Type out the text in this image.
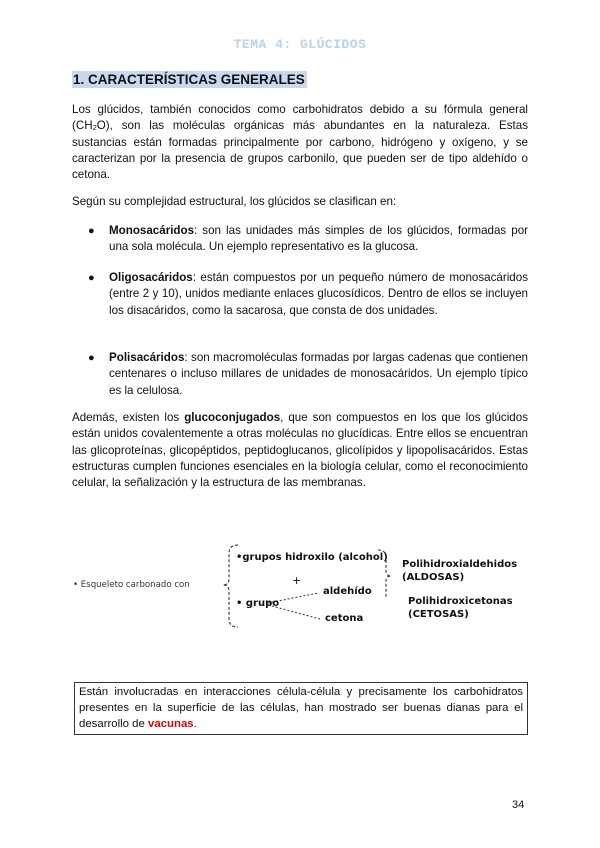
TEMA 4: GLÚCIDOS
1. CARACTERÍSTICAS GENERALES

Los glúcidos, también conocidos como carbohidratos debido a su fórmula general $(CH_2O)$, son las moléculas orgánicas más abundantes en la naturaleza. Estas sustancias están formadas principalmente por carbono, hidrógeno y oxígeno, y se caracterizan por la presencia de grupos carbonilo, que pueden ser de tipo aldehído o cetona.

Según su complejidad estructural, los glúcidos se clasifican en:

● Monosacáridos: son las unidades más simples de los glúcidos, formadas por una sola molécula. Un ejemplo representativo es la glucosa.
● Oligosacáridos: están compuestos por un pequeño número de monosacáridos (entre 2 y 10), unidos mediante enlaces glucosídicos. Dentro de ellos se incluyen los disacáridos, como la sacarosa, que consta de dos unidades.
● Polisacáridos: son macromoléculas formadas por largas cadenas que contienen centenares o incluso millares de unidades de monosacáridos. Un ejemplo típico es la celulosa.

Además, existen los glucoconjugados, que son compuestos en los que los glúcidos están unidos covalentemente a otras moléculas no glucídicas. Entre ellos se encuentran las glicoproteínas, glicopéptidos, peptidoglucanos, glicolípidos y lipopolisacáridos. Estas estructuras cumplen funciones esenciales en la biología celular, como el reconocimiento celular, la señalización y la estructura de las membranas.

• Esqueleto carbonado con
•grupos hidroxilo (alcohol)
+
• grupo
aldehído
cetona
Polihidroxialdehidos
(ALDOSAS)
Polihidroxicetonas
(CETOSAS)
Están involucradas en interacciones célula-célula y precisamente los carbohidratos presentes en la superficie de las células, han mostrado ser buenas dianas para el desarrollo de vacunas.
34
